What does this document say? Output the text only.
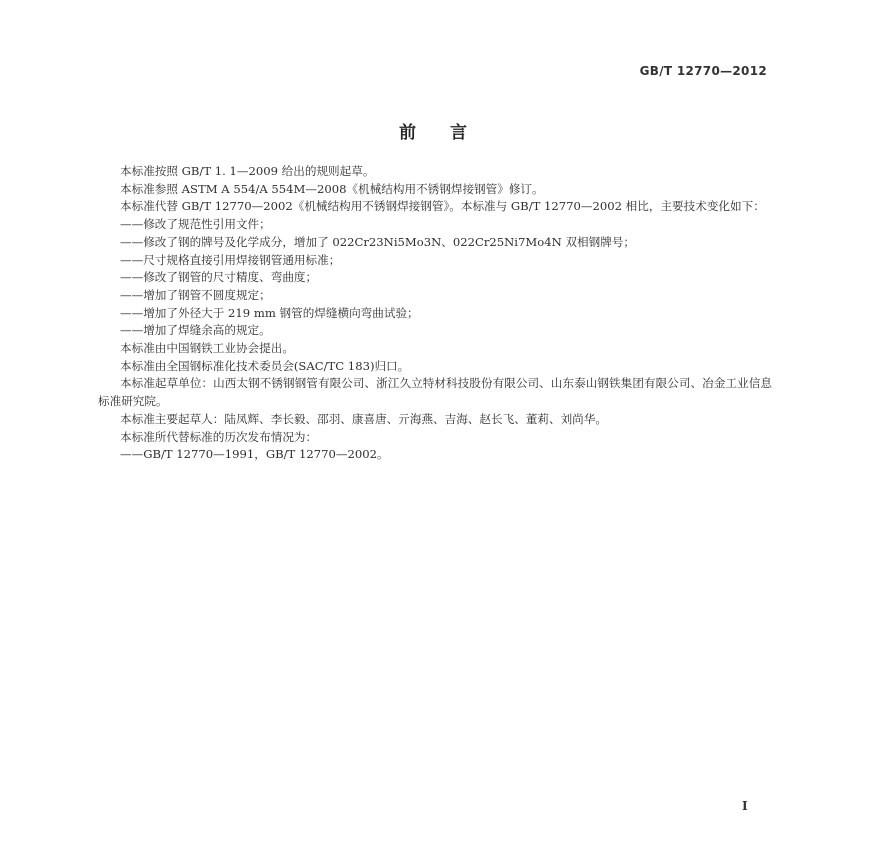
GB/T 12770—2012
前言

本标准按照 GB/T 1. 1—2009 给出的规则起草。

本标准参照 ASTM A 554/A 554M—2008《机械结构用不锈钢焊接钢管》修订。

本标准代替 GB/T 12770—2002《机械结构用不锈钢焊接钢管》。本标准与 GB/T 12770—2002 相比，主要技术变化如下：

——修改了规范性引用文件；

——修改了钢的牌号及化学成分，增加了 022Cr23Ni5Mo3N、022Cr25Ni7Mo4N 双相钢牌号；

——尺寸规格直接引用焊接钢管通用标准；

——修改了钢管的尺寸精度、弯曲度；

——增加了钢管不圆度规定；

——增加了外径大于 219 mm 钢管的焊缝横向弯曲试验；

——增加了焊缝余高的规定。

本标准由中国钢铁工业协会提出。

本标准由全国钢标准化技术委员会(SAC/TC 183)归口。

本标准起草单位：山西太钢不锈钢钢管有限公司、浙江久立特材科技股份有限公司、山东泰山钢铁集团有限公司、冶金工业信息标准研究院。

本标准主要起草人：陆凤辉、李长毅、邵羽、康喜唐、亓海燕、吉海、赵长飞、董莉、刘尚华。

本标准所代替标准的历次发布情况为：

——GB/T 12770—1991，GB/T 12770—2002。

I
